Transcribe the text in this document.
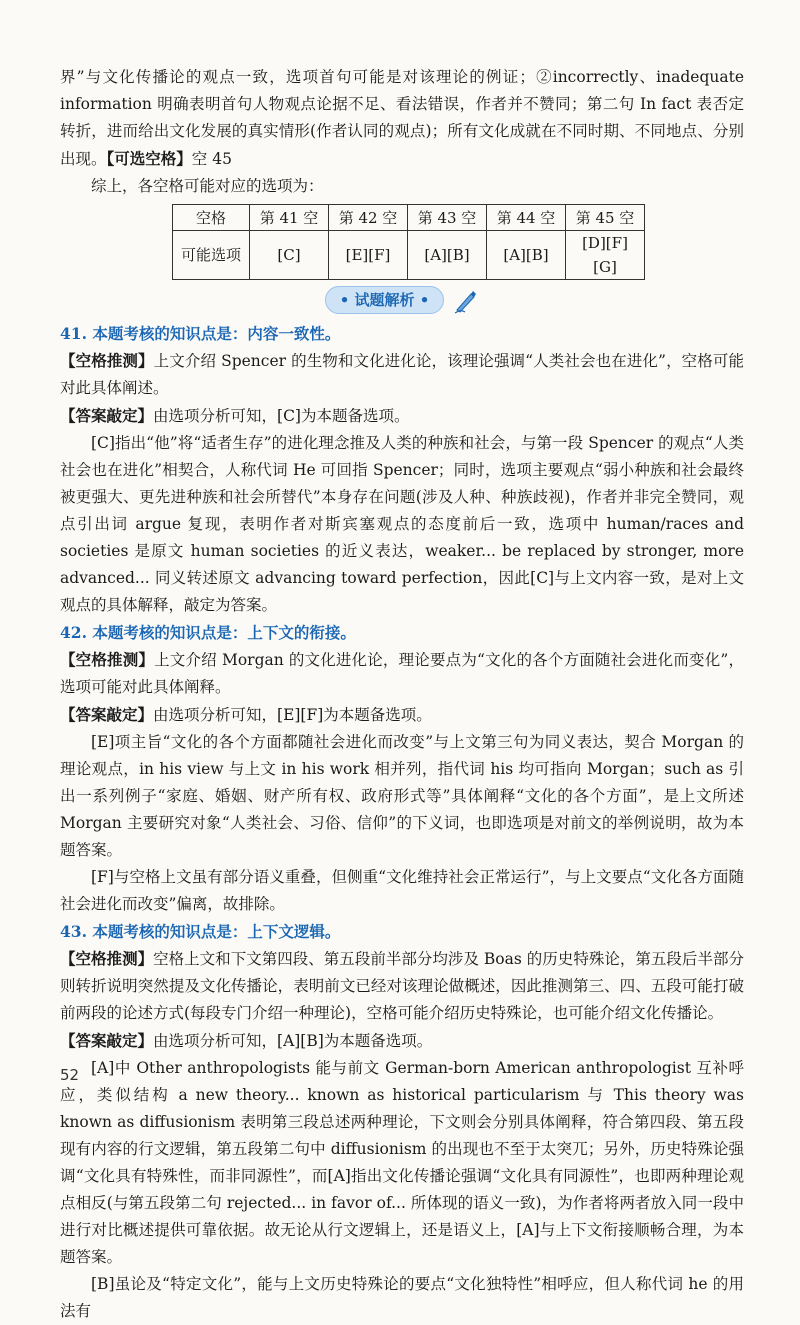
界”与文化传播论的观点一致，选项首句可能是对该理论的例证；②incorrectly、inadequate information 明确表明首句人物观点论据不足、看法错误，作者并不赞同；第二句 In fact 表否定转折，进而给出文化发展的真实情形(作者认同的观点)；所有文化成就在不同时期、不同地点、分别出现。【可选空格】空 45

综上，各空格可能对应的选项为：

空格	第 41 空	第 42 空	第 43 空	第 44 空	第 45 空
可能选项	[C]	[E][F]	[A][B]	[A][B]	[D][F][G]
• 试题解析 •

41. 本题考核的知识点是：内容一致性。

【空格推测】上文介绍 Spencer 的生物和文化进化论，该理论强调“人类社会也在进化”，空格可能对此具体阐述。

【答案敲定】由选项分析可知，[C]为本题备选项。

[C]指出“他”将“适者生存”的进化理念推及人类的种族和社会，与第一段 Spencer 的观点“人类社会也在进化”相契合，人称代词 He 可回指 Spencer；同时，选项主要观点“弱小种族和社会最终被更强大、更先进种族和社会所替代”本身存在问题(涉及人种、种族歧视)，作者并非完全赞同，观点引出词 argue 复现，表明作者对斯宾塞观点的态度前后一致，选项中 human/races and societies 是原文 human societies 的近义表达，weaker... be replaced by stronger, more advanced... 同义转述原文 advancing toward perfection，因此[C]与上文内容一致，是对上文观点的具体解释，敲定为答案。

42. 本题考核的知识点是：上下文的衔接。

【空格推测】上文介绍 Morgan 的文化进化论，理论要点为“文化的各个方面随社会进化而变化”，选项可能对此具体阐释。

【答案敲定】由选项分析可知，[E][F]为本题备选项。

[E]项主旨“文化的各个方面都随社会进化而改变”与上文第三句为同义表达，契合 Morgan 的理论观点，in his view 与上文 in his work 相并列，指代词 his 均可指向 Morgan；such as 引出一系列例子“家庭、婚姻、财产所有权、政府形式等”具体阐释“文化的各个方面”，是上文所述 Morgan 主要研究对象“人类社会、习俗、信仰”的下义词，也即选项是对前文的举例说明，故为本题答案。

[F]与空格上文虽有部分语义重叠，但侧重“文化维持社会正常运行”，与上文要点“文化各方面随社会进化而改变”偏离，故排除。

43. 本题考核的知识点是：上下文逻辑。

【空格推测】空格上文和下文第四段、第五段前半部分均涉及 Boas 的历史特殊论，第五段后半部分则转折说明突然提及文化传播论，表明前文已经对该理论做概述，因此推测第三、四、五段可能打破前两段的论述方式(每段专门介绍一种理论)，空格可能介绍历史特殊论，也可能介绍文化传播论。

【答案敲定】由选项分析可知，[A][B]为本题备选项。

[A]中 Other anthropologists 能与前文 German-born American anthropologist 互补呼应，类似结构 a new theory... known as historical particularism 与 This theory was known as diffusionism 表明第三段总述两种理论，下文则会分别具体阐释，符合第四段、第五段现有内容的行文逻辑，第五段第二句中 diffusionism 的出现也不至于太突兀；另外，历史特殊论强调“文化具有特殊性，而非同源性”，而[A]指出文化传播论强调“文化具有同源性”，也即两种理论观点相反(与第五段第二句 rejected... in favor of... 所体现的语义一致)，为作者将两者放入同一段中进行对比概述提供可靠依据。故无论从行文逻辑上，还是语义上，[A]与上下文衔接顺畅合理，为本题答案。

[B]虽论及“特定文化”，能与上文历史特殊论的要点“文化独特性”相呼应，但人称代词 he 的用法有

52
